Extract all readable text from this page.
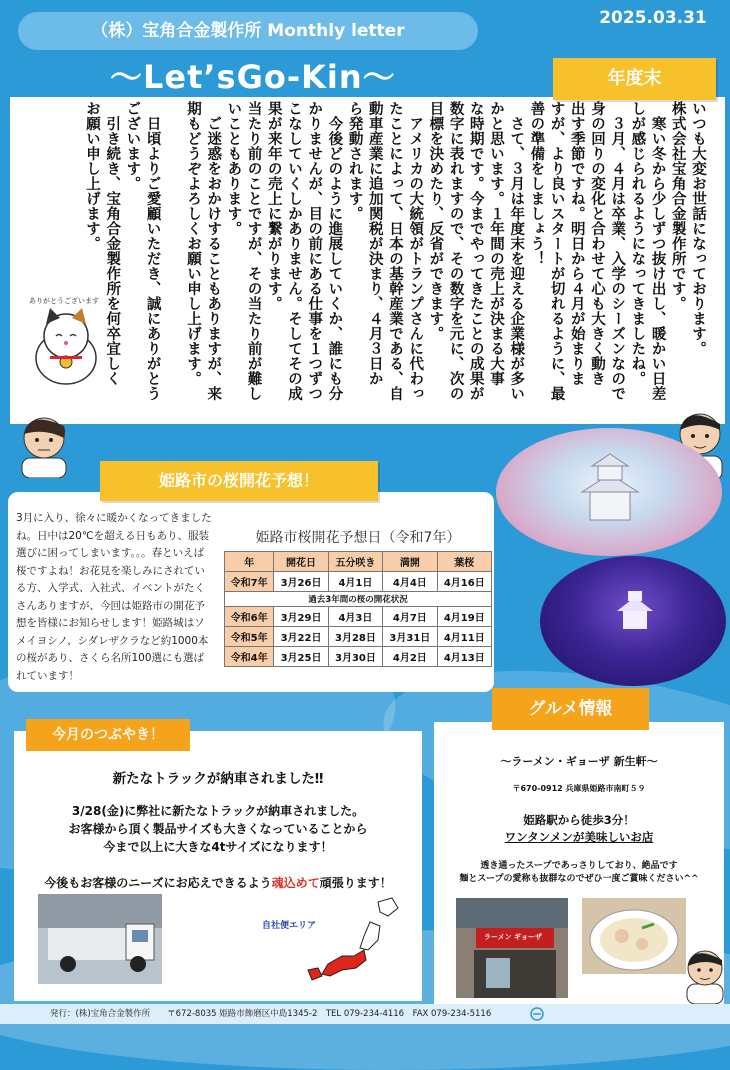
（株）宝角合金製作所 Monthly letter
2025.03.31
〜Let’sGo-Kin〜	年度末
いつも大変お世話になっております。
株式会社宝角合金製作所です。
　寒い冬から少しずつ抜け出し、暖かい日差
しが感じられるようになってきましたね。
　３月、４月は卒業、入学のシーズンなので
身の回りの変化と合わせて心も大きく動き
出す季節ですね。明日から４月が始まりま
すが、より良いスタートが切れるように、最
善の準備をしましょう！
　さて、３月は年度末を迎える企業様が多い
かと思います。１年間の売上が決まる大事
な時期です。今までやってきたことの成果が
数字に表れますので、その数字を元に、次の
目標を決めたり、反省ができます。
　アメリカの大統領がトランプさんに代わっ
たことによって、日本の基幹産業である、自
動車産業に追加関税が決まり、４月３日か
ら発動されます。
　今後どのように進展していくか、誰にも分
かりませんが、目の前にある仕事を１つずつ
こなしていくしかありません。そしてその成
果が来年の売上に繋がります。
当たり前のことですが、その当たり前が難し
いこともあります。
　ご迷惑をおかけすることもありますが、来
期もどうぞよろしくお願い申し上げます。
　日頃よりご愛顧いただき、誠にありがとう
ございます。
　引き続き、宝角合金製作所を何卒宜しく
お願い申し上げます。
ありがとうございます
姫路市の桜開花予想！
3月に入り、徐々に暖かくなってきましたね。日中は20℃を超える日もあり、服装選びに困ってしまいます。。。春といえば桜ですよね！お花見を楽しみにされている方、入学式、入社式、イベントがたくさんありますが、今回は姫路市の開花予想を皆様にお知らせします！姫路城はソメイヨシノ、シダレザクラなど約1000本の桜があり、さくら名所100選にも選ばれています！
姫路市桜開花予想日（令和7年）
年	開花日	五分咲き	満開	葉桜
令和7年	3月26日	4月1日	4月4日	4月16日
過去3年間の桜の開花状況				
令和6年	3月29日	4月3日	4月7日	4月19日
令和5年	3月22日	3月28日	3月31日	4月11日
令和4年	3月25日	3月30日	4月2日	4月13日
今月のつぶやき！
新たなトラックが納車されました‼
3/28(金)に弊社に新たなトラックが納車されました。
お客様から頂く製品サイズも大きくなっていることから
今まで以上に大きな4tサイズになります！
今後もお客様のニーズにお応えできるよう魂込めて頑張ります！
自社便エリア
グルメ情報
〜ラーメン・ギョーザ 新生軒〜
〒670-0912 兵庫県姫路市南町５９
姫路駅から徒歩3分！
ワンタンメンが美味しいお店
透き通ったスープであっさりしており、絶品です
麺とスープの愛称も抜群なのでぜひ一度ご賞味ください^^
ラーメン ギョーザ
発行：(株)宝角合金製作所　　〒672-8035 姫路市飾磨区中島1345-2　TEL 079-234-4116　FAX 079-234-5116
